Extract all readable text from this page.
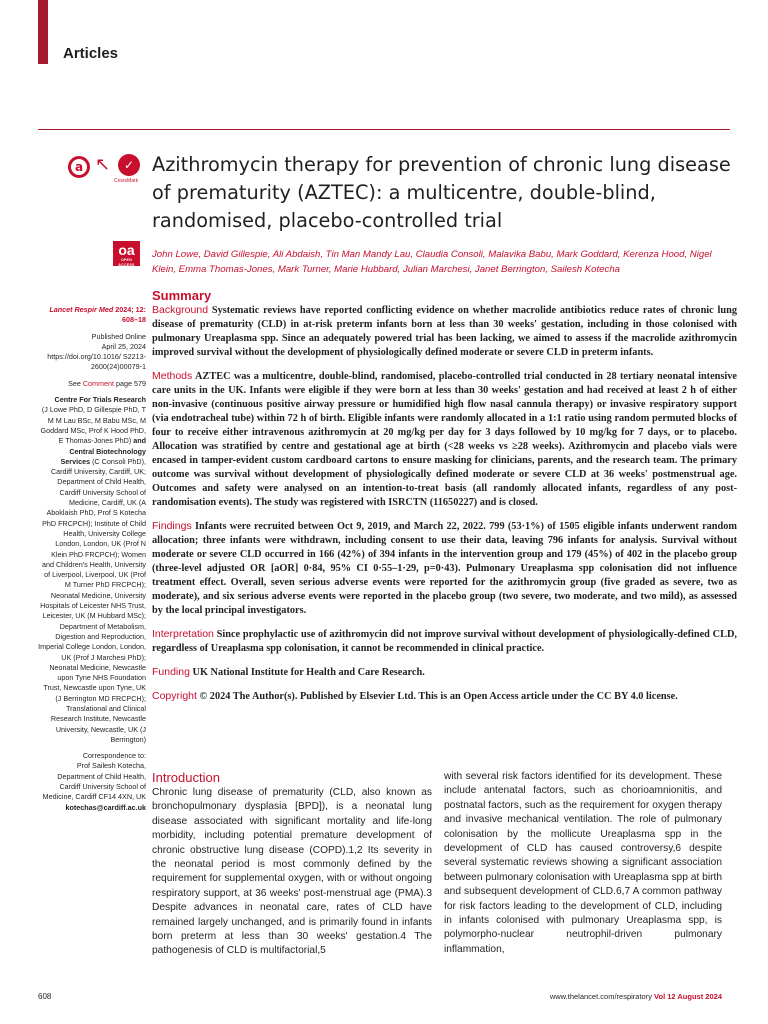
Articles
a ↖	✓
CrossMark
Azithromycin therapy for prevention of chronic lung disease of prematurity (AZTEC): a multicentre, double-blind, randomised, placebo-controlled trial
oa
OPEN ACCESS
John Lowe, David Gillespie, Ali Abdaish, Tin Man Mandy Lau, Claudia Consoli, Malavika Babu, Mark Goddard, Kerenza Hood, Nigel Klein, Emma Thomas-Jones, Mark Turner, Marie Hubbard, Julian Marchesi, Janet Berrington, Sailesh Kotecha
Lancet Respir Med 2024; 12: 608–18
Published Online
April 25, 2024
https://doi.org/10.1016/ S2213-2600(24)00079-1
See Comment page 579
Centre For Trials Research
(J Lowe PhD, D Gillespie PhD, T M M Lau BSc, M Babu MSc, M Goddard MSc, Prof K Hood PhD, E Thomas-Jones PhD) and Central Biotechnology Services (C Consoli PhD), Cardiff University, Cardiff, UK; Department of Child Health, Cardiff University School of Medicine, Cardiff, UK (A Aboklaish PhD, Prof S Kotecha PhD FRCPCH); Institute of Child Health, University College London, London, UK (Prof N Klein PhD FRCPCH); Women and Children's Health, University of Liverpool, Liverpool, UK (Prof M Turner PhD FRCPCH); Neonatal Medicine, University Hospitals of Leicester NHS Trust, Leicester, UK (M Hubbard MSc); Department of Metabolism, Digestion and Reproduction, Imperial College London, London, UK (Prof J Marchesi PhD); Neonatal Medicine, Newcastle upon Tyne NHS Foundation Trust, Newcastle upon Tyne, UK (J Berrington MD FRCPCH); Translational and Clinical Research Institute, Newcastle University, Newcastle, UK (J Berrington)
Correspondence to:
Prof Sailesh Kotecha,
Department of Child Health, Cardiff University School of Medicine, Cardiff CF14 4XN, UK
kotechas@cardiff.ac.uk
Summary

Background Systematic reviews have reported conflicting evidence on whether macrolide antibiotics reduce rates of chronic lung disease of prematurity (CLD) in at-risk preterm infants born at less than 30 weeks' gestation, including in those colonised with pulmonary Ureaplasma spp. Since an adequately powered trial has been lacking, we aimed to assess if the macrolide azithromycin improved survival without the development of physiologically defined moderate or severe CLD in preterm infants.

Methods AZTEC was a multicentre, double-blind, randomised, placebo-controlled trial conducted in 28 tertiary neonatal intensive care units in the UK. Infants were eligible if they were born at less than 30 weeks' gestation and had received at least 2 h of either non-invasive (continuous positive airway pressure or humidified high flow nasal cannula therapy) or invasive respiratory support (via endotracheal tube) within 72 h of birth. Eligible infants were randomly allocated in a 1:1 ratio using random permuted blocks of four to receive either intravenous azithromycin at 20 mg/kg per day for 3 days followed by 10 mg/kg for 7 days, or to placebo. Allocation was stratified by centre and gestational age at birth (<28 weeks vs ≥28 weeks). Azithromycin and placebo vials were encased in tamper-evident custom cardboard cartons to ensure masking for clinicians, parents, and the research team. The primary outcome was survival without development of physiologically defined moderate or severe CLD at 36 weeks' postmenstrual age. Outcomes and safety were analysed on an intention-to-treat basis (all randomly allocated infants, regardless of any post-randomisation events). The study was registered with ISRCTN (11650227) and is closed.

Findings Infants were recruited between Oct 9, 2019, and March 22, 2022. 799 (53·1%) of 1505 eligible infants underwent random allocation; three infants were withdrawn, including consent to use their data, leaving 796 infants for analysis. Survival without moderate or severe CLD occurred in 166 (42%) of 394 infants in the intervention group and 179 (45%) of 402 in the placebo group (three-level adjusted OR [aOR] 0·84, 95% CI 0·55–1·29, p=0·43). Pulmonary Ureaplasma spp colonisation did not influence treatment effect. Overall, seven serious adverse events were reported for the azithromycin group (five graded as severe, two as moderate), and six serious adverse events were reported in the placebo group (two severe, two moderate, and two mild), as assessed by the local principal investigators.

Interpretation Since prophylactic use of azithromycin did not improve survival without development of physiologically-defined CLD, regardless of Ureaplasma spp colonisation, it cannot be recommended in clinical practice.

Funding UK National Institute for Health and Care Research.

Copyright © 2024 The Author(s). Published by Elsevier Ltd. This is an Open Access article under the CC BY 4.0 license.

Introduction

Chronic lung disease of prematurity (CLD, also known as bronchopulmonary dysplasia [BPD]), is a neonatal lung disease associated with significant mortality and life-long morbidity, including potential premature development of chronic obstructive lung disease (COPD).1,2 Its severity in the neonatal period is most commonly defined by the requirement for supplemental oxygen, with or without ongoing respiratory support, at 36 weeks' post-menstrual age (PMA).3 Despite advances in neonatal care, rates of CLD have remained largely unchanged, and is primarily found in infants born preterm at less than 30 weeks' gestation.4 The pathogenesis of CLD is multifactorial,5

with several risk factors identified for its development. These include antenatal factors, such as chorioamnionitis, and postnatal factors, such as the requirement for oxygen therapy and invasive mechanical ventilation. The role of pulmonary colonisation by the mollicute Ureaplasma spp in the development of CLD has caused controversy,6 despite several systematic reviews showing a significant association between pulmonary colonisation with Ureaplasma spp at birth and subsequent development of CLD.6,7 A common pathway for risk factors leading to the development of CLD, including in infants colonised with pulmonary Ureaplasma spp, is polymorpho-nuclear neutrophil-driven pulmonary inflammation,

608	www.thelancet.com/respiratory Vol 12 August 2024
